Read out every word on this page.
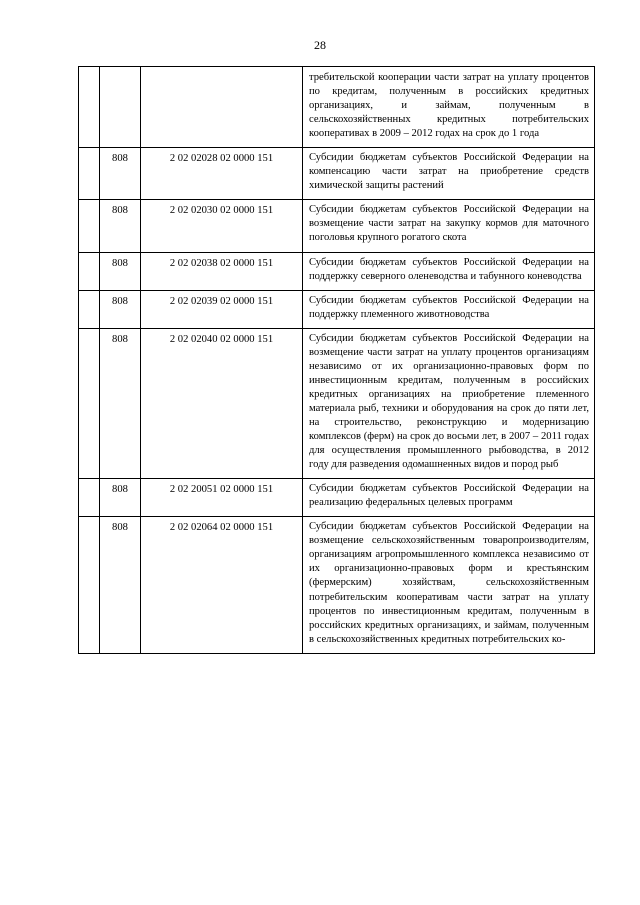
28
			требительской кооперации части затрат на уплату процентов по кредитам, полученным в российских кредитных организациях, и займам, полученным в сельскохозяйственных кредитных потребительских кооперативах в 2009 – 2012 годах на срок до 1 года
	808	2 02 02028 02 0000 151	Субсидии бюджетам субъектов Российской Федерации на компенсацию части затрат на приобретение средств химической защиты растений
	808	2 02 02030 02 0000 151	Субсидии бюджетам субъектов Российской Федерации на возмещение части затрат на закупку кормов для маточного поголовья крупного рогатого скота
	808	2 02 02038 02 0000 151	Субсидии бюджетам субъектов Российской Федерации на поддержку северного оленеводства и табунного коневодства
	808	2 02 02039 02 0000 151	Субсидии бюджетам субъектов Российской Федерации на поддержку племенного животноводства
	808	2 02 02040 02 0000 151	Субсидии бюджетам субъектов Российской Федерации на возмещение части затрат на уплату процентов организациям независимо от их организационно-правовых форм по инвестиционным кредитам, полученным в российских кредитных организациях на приобретение племенного материала рыб, техники и оборудования на срок до пяти лет, на строительство, реконструкцию и модернизацию комплексов (ферм) на срок до восьми лет, в 2007 – 2011 годах для осуществления промышленного рыбоводства, в 2012 году для разведения одомашненных видов и пород рыб
	808	2 02 20051 02 0000 151	Субсидии бюджетам субъектов Российской Федерации на реализацию федеральных целевых программ
	808	2 02 02064 02 0000 151	Субсидии бюджетам субъектов Российской Федерации на возмещение сельскохозяйственным товаропроизводителям, организациям агропромышленного комплекса независимо от их организационно-правовых форм и крестьянским (фермерским) хозяйствам, сельскохозяйственным потребительским кооперативам части затрат на уплату процентов по инвестиционным кредитам, полученным в российских кредитных организациях, и займам, полученным в сельскохозяйственных кредитных потребительских ко-
